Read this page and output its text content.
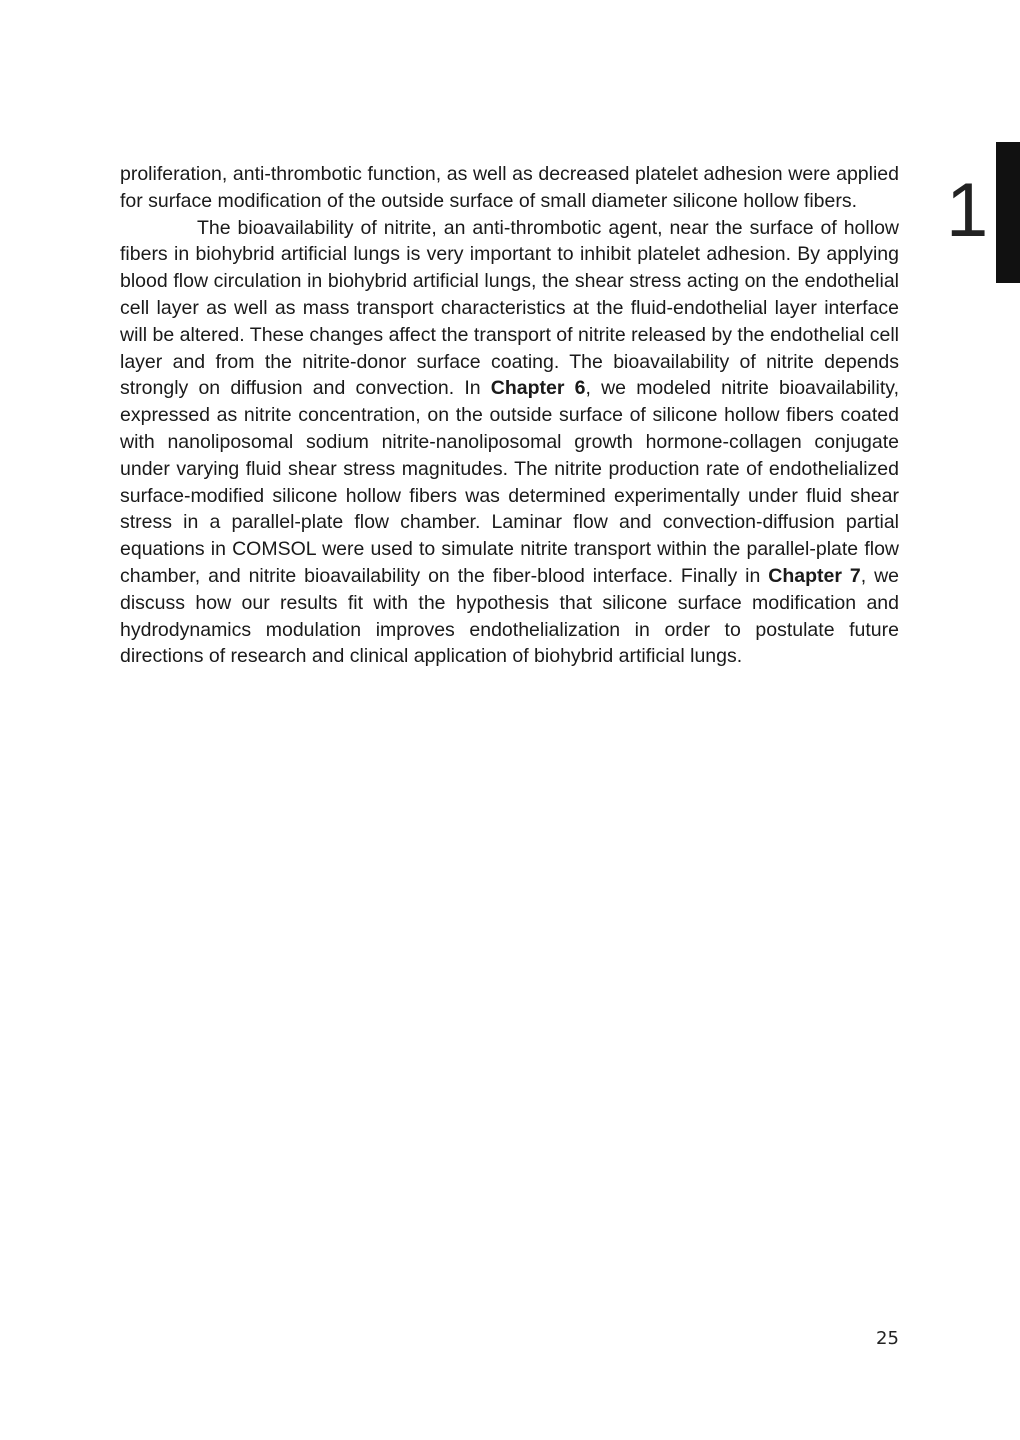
1

proliferation, anti-thrombotic function, as well as decreased platelet adhesion were applied for surface modification of the outside surface of small diameter silicone hollow fibers.

The bioavailability of nitrite, an anti-thrombotic agent, near the surface of hollow fibers in biohybrid artificial lungs is very important to inhibit platelet adhesion. By applying blood flow circulation in biohybrid artificial lungs, the shear stress acting on the endothelial cell layer as well as mass transport characteristics at the fluid-endothelial layer interface will be altered. These changes affect the transport of nitrite released by the endothelial cell layer and from the nitrite-donor surface coating. The bioavailability of nitrite depends strongly on diffusion and convection. In Chapter 6, we modeled nitrite bioavailability, expressed as nitrite concentration, on the outside surface of silicone hollow fibers coated with nanoliposomal sodium nitrite-nanoliposomal growth hormone-collagen conjugate under varying fluid shear stress magnitudes. The nitrite production rate of endothelialized surface-modified silicone hollow fibers was determined experimentally under fluid shear stress in a parallel-plate flow chamber. Laminar flow and convection-diffusion partial equations in COMSOL were used to simulate nitrite transport within the parallel-plate flow chamber, and nitrite bioavailability on the fiber-blood interface. Finally in Chapter 7, we discuss how our results fit with the hypothesis that silicone surface modification and hydrodynamics modulation improves endothelialization in order to postulate future directions of research and clinical application of biohybrid artificial lungs.

25
